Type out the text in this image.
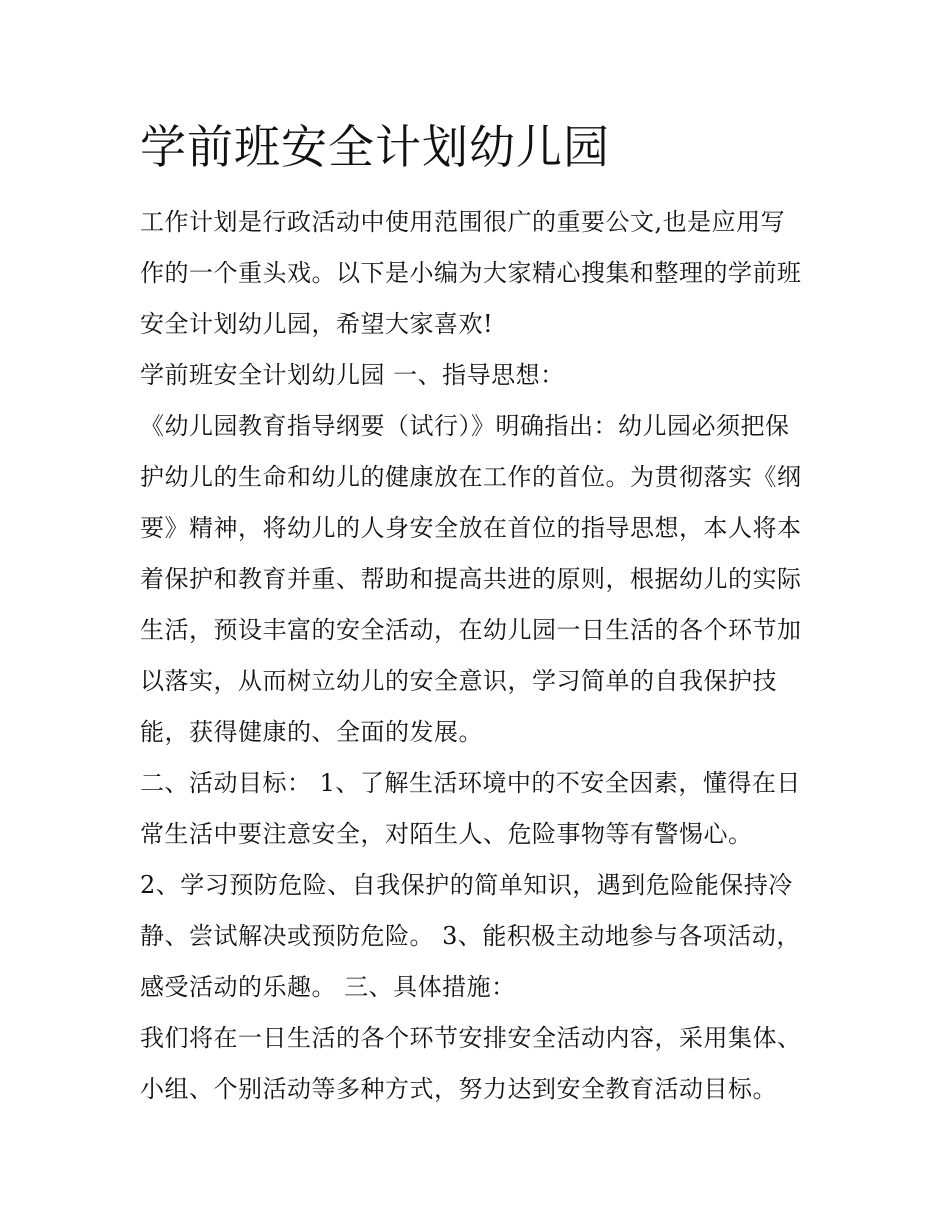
学前班安全计划幼儿园
工作计划是行政活动中使用范围很广的重要公文,也是应用写
作的一个重头戏。以下是小编为大家精心搜集和整理的学前班
安全计划幼儿园，希望大家喜欢!
学前班安全计划幼儿园 一、指导思想：
《幼儿园教育指导纲要（试行）》明确指出：幼儿园必须把保
护幼儿的生命和幼儿的健康放在工作的首位。为贯彻落实《纲
要》精神，将幼儿的人身安全放在首位的指导思想，本人将本
着保护和教育并重、帮助和提高共进的原则，根据幼儿的实际
生活，预设丰富的安全活动，在幼儿园一日生活的各个环节加
以落实，从而树立幼儿的安全意识，学习简单的自我保护技
能，获得健康的、全面的发展。
二、活动目标： 1、了解生活环境中的不安全因素，懂得在日
常生活中要注意安全，对陌生人、危险事物等有警惕心。
2、学习预防危险、自我保护的简单知识，遇到危险能保持冷
静、尝试解决或预防危险。 3、能积极主动地参与各项活动，
感受活动的乐趣。 三、具体措施：
我们将在一日生活的各个环节安排安全活动内容，采用集体、
小组、个别活动等多种方式，努力达到安全教育活动目标。
